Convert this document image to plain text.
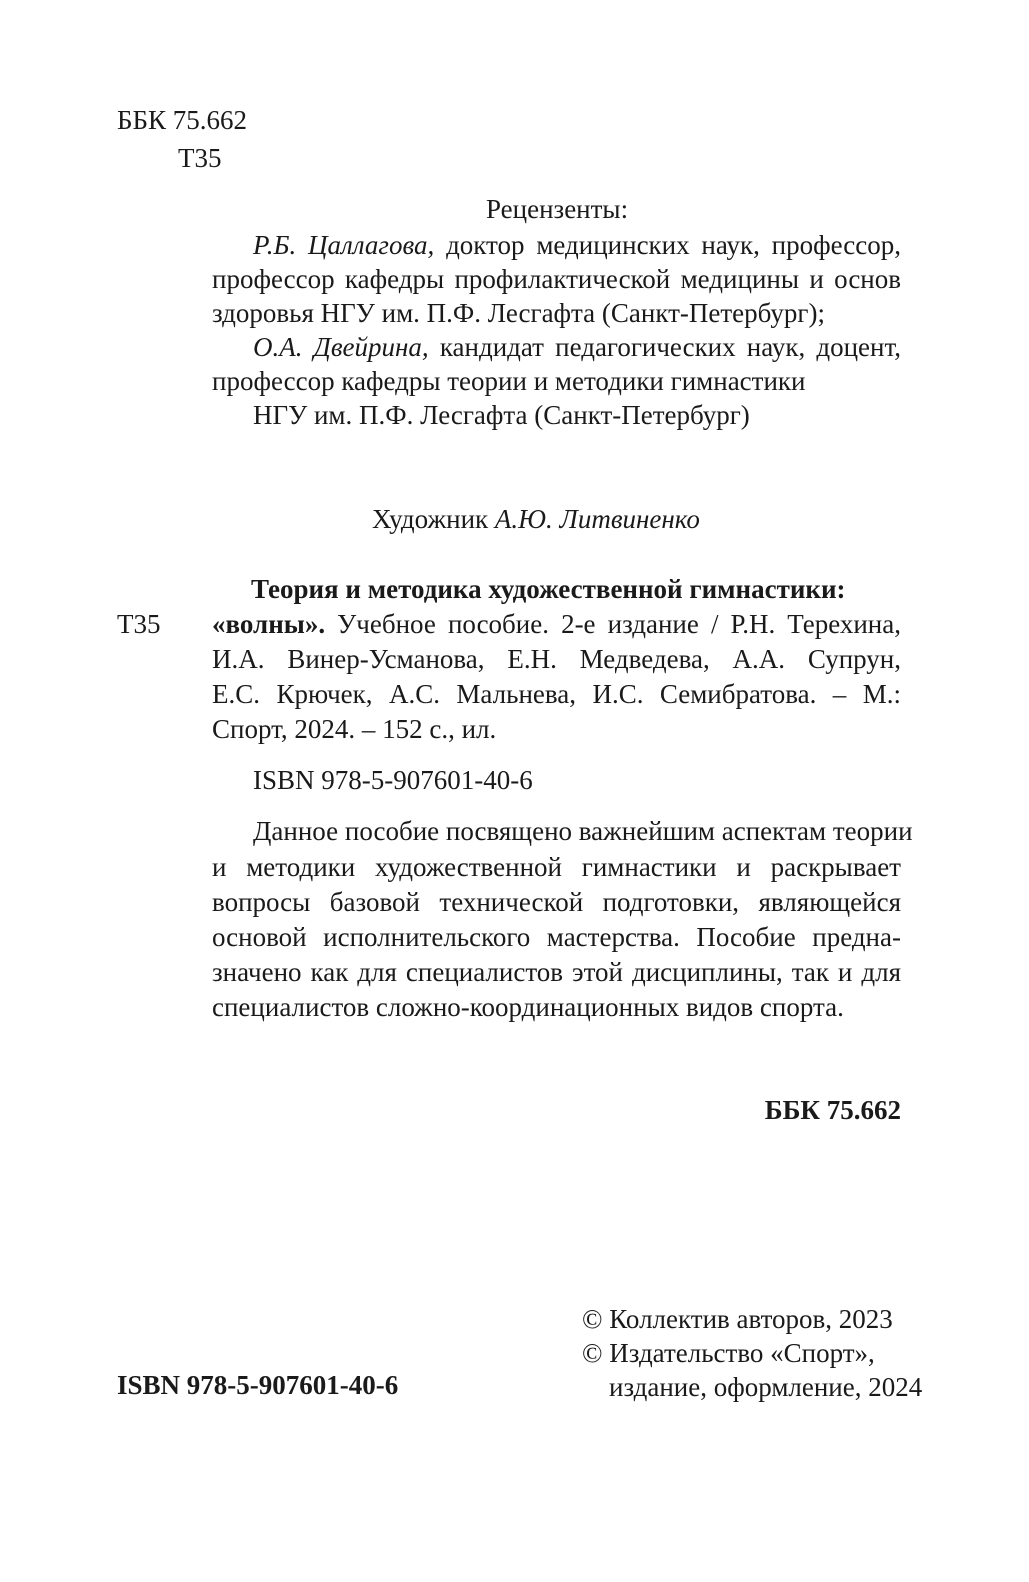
ББК 75.662
Т35
Рецензенты:
Р.Б. Цаллагова, доктор медицинских наук, профессор,
профессор кафедры профилактической медицины и основ
здоровья НГУ им. П.Ф. Лесгафта (Санкт-Петербург);
О.А. Двейрина, кандидат педагогических наук, доцент,
профессор кафедры теории и методики гимнастики
НГУ им. П.Ф. Лесгафта (Санкт-Петербург)
Художник А.Ю. Литвиненко
Теория и методика художественной гимнастики:
Т35 «волны». Учебное пособие. 2-е издание / Р.Н. Терехина,
И.А. Винер-Усманова, Е.Н. Медведева, А.А. Супрун,
Е.С. Крючек, А.С. Мальнева, И.С. Семибратова. – М.:
Спорт, 2024. – 152 с., ил.
ISBN 978-5-907601-40-6
Данное пособие посвящено важнейшим аспектам теории
и методики художественной гимнастики и раскрывает
вопросы базовой технической подготовки, являющейся
основой исполнительского мастерства. Пособие предна-
значено как для специалистов этой дисциплины, так и для
специалистов сложно-координационных видов спорта.
ББК 75.662
© Коллектив авторов, 2023
© Издательство «Спорт»,
ISBN 978-5-907601-40-6	издание, оформление, 2024
